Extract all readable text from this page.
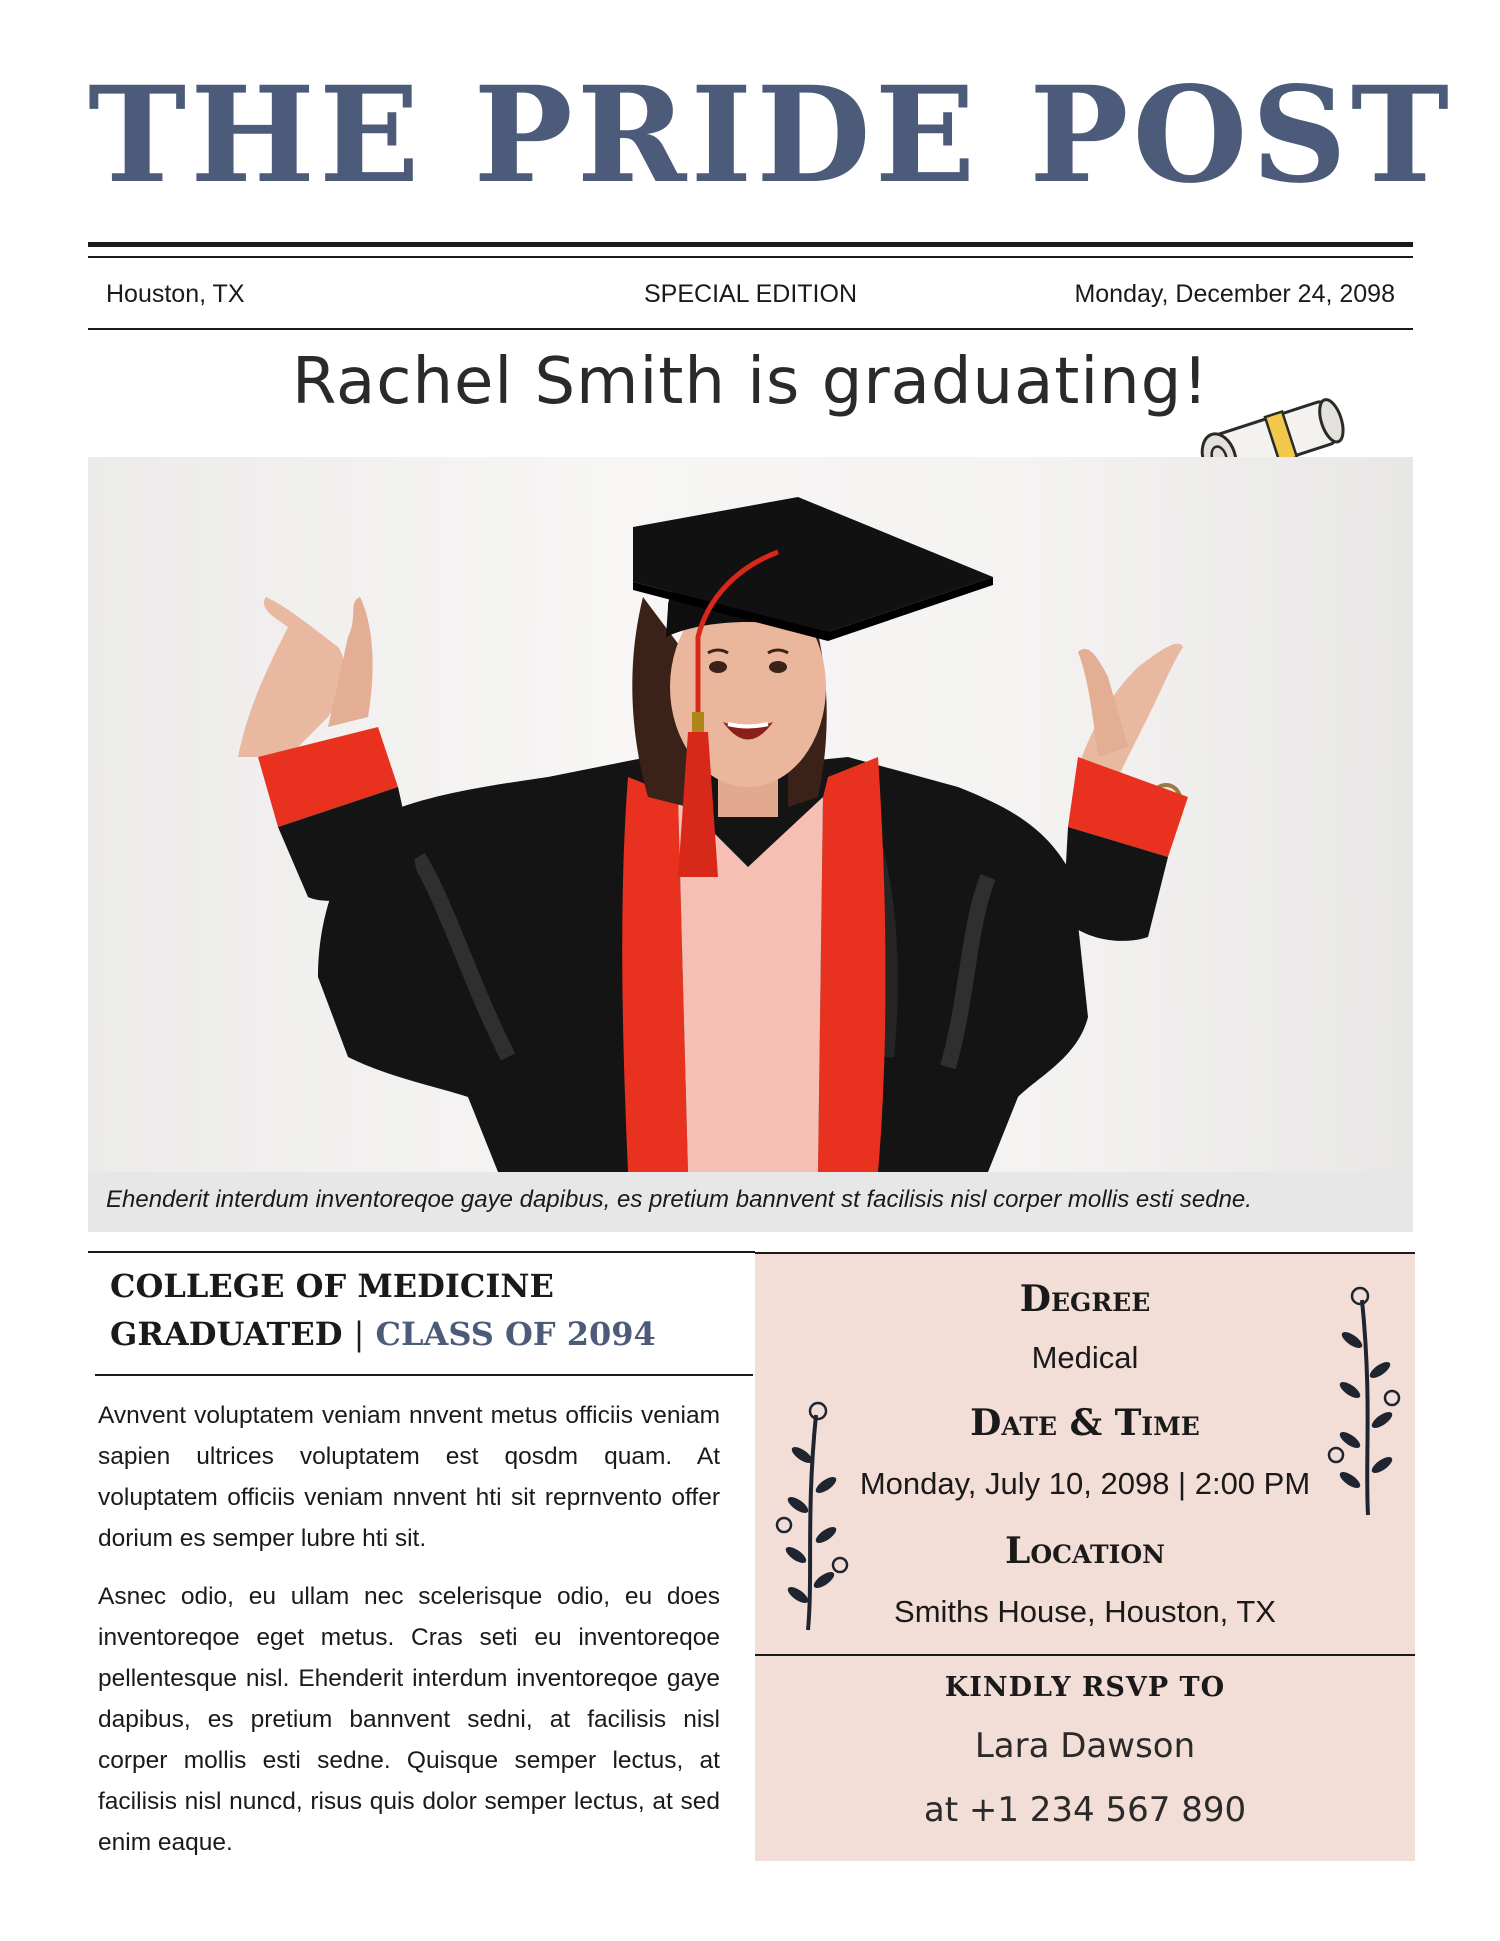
THE PRIDE POST
Houston, TX	SPECIAL EDITION	Monday, December 24, 2098
Rachel Smith is graduating!
Ehenderit interdum inventoreqoe gaye dapibus, es pretium bannvent st facilisis nisl corper mollis esti sedne.
COLLEGE OF MEDICINE
GRADUATED | CLASS OF 2094

Avnvent voluptatem veniam nnvent metus officiis veniam sapien ultrices voluptatem est qosdm quam. At voluptatem officiis veniam nnvent hti sit reprnvento offer dorium es semper lubre hti sit.

Asnec odio, eu ullam nec scelerisque odio, eu does inventoreqoe eget metus. Cras seti eu inventoreqoe pellentesque nisl. Ehenderit interdum inventoreqoe gaye dapibus, es pretium bannvent sedni, at facilisis nisl corper mollis esti sedne. Quisque semper lectus, at facilisis nisl nuncd, risus quis dolor semper lectus, at sed enim eaque.

Degree
Medical
Date & Time
Monday, July 10, 2098 | 2:00 PM
Location
Smiths House, Houston, TX
KINDLY RSVP TO
Lara Dawson
at +1 234 567 890
